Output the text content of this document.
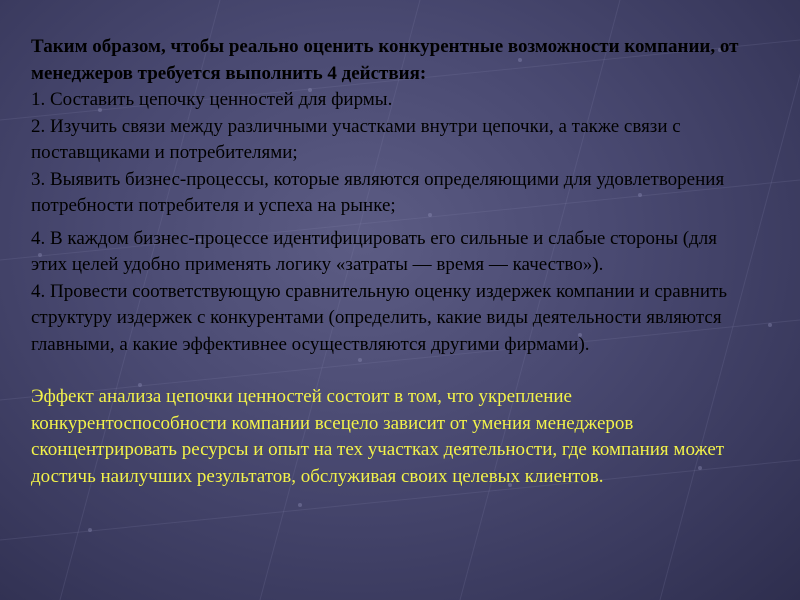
Таким образом, чтобы реально оценить конкурентные возможности компании, от менеджеров требуется выполнить 4 действия:

1. Составить цепочку ценностей для фирмы.

2. Изучить связи между различными участками внутри цепочки, а также связи с поставщиками и потребителями;

3. Выявить бизнес-процессы, которые являются определяющими для удовлетворения потребности потребителя и успеха на рынке;

4. В каждом бизнес-процессе идентифицировать его сильные и слабые стороны (для этих целей удобно применять логику «затраты — время — качество»).

4. Провести соответствующую сравнительную оценку издержек компании и сравнить структуру издержек с конкурентами (определить, какие виды деятельности являются главными, а какие эффективнее осуществляются другими фирмами).

Эффект анализа цепочки ценностей состоит в том, что укрепление конкурентоспособности компании всецело зависит от умения менеджеров сконцентрировать ресурсы и опыт на тех участках деятельности, где компания может достичь наилучших результатов, обслуживая своих целевых клиентов.
